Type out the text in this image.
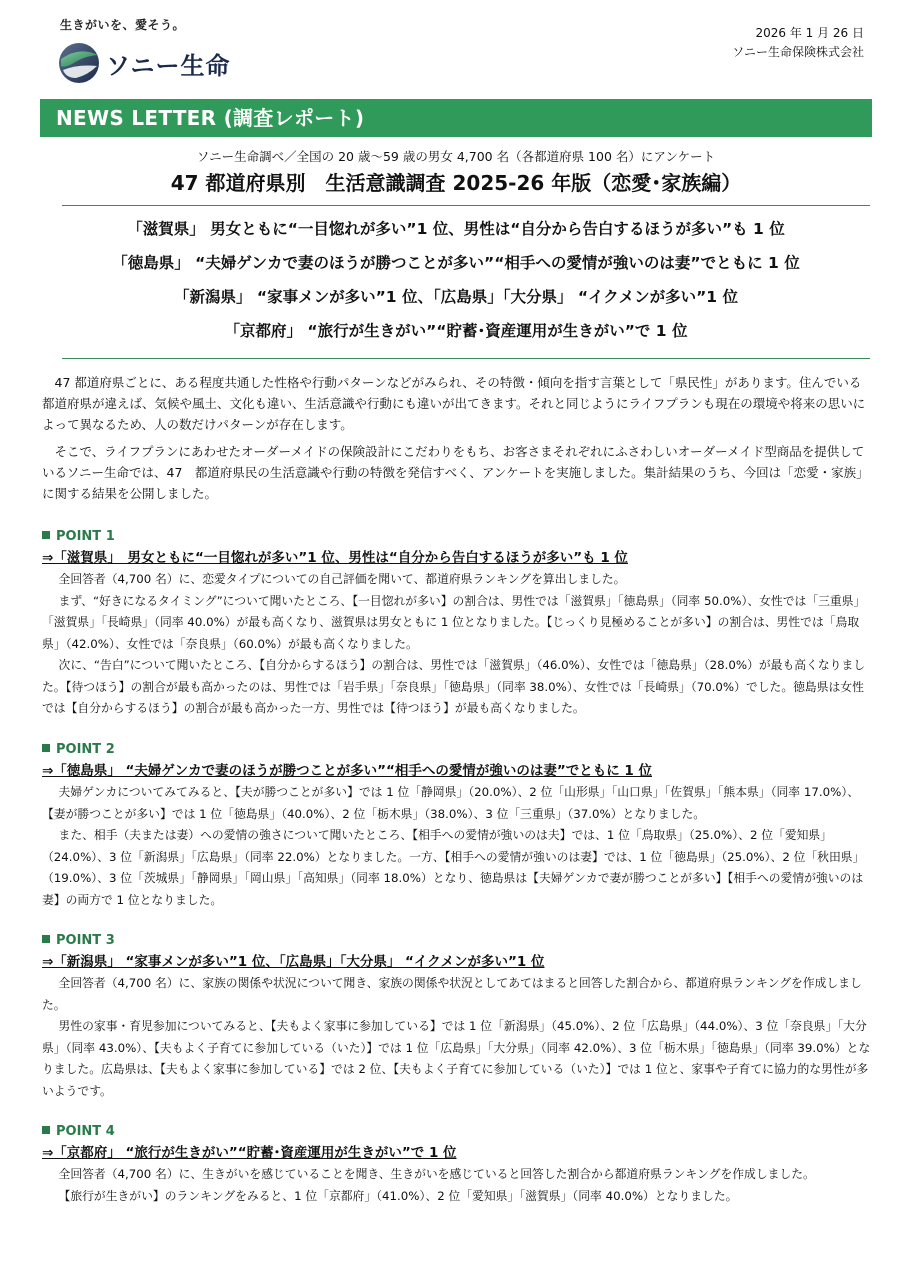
生きがいを、愛そう。
ソニー生命
2026 年 1 月 26 日
ソニー生命保険株式会社
NEWS LETTER (調査レポート)
ソニー生命調べ／全国の 20 歳～59 歳の男女 4,700 名（各都道府県 100 名）にアンケート
47 都道府県別　生活意識調査 2025-26 年版（恋愛･家族編）
「滋賀県」 男女ともに“一目惚れが多い”1 位、男性は“自分から告白するほうが多い”も 1 位
「徳島県」 “夫婦ゲンカで妻のほうが勝つことが多い”“相手への愛情が強いのは妻”でともに 1 位
「新潟県」 “家事メンが多い”1 位、「広島県」「大分県」 “イクメンが多い”1 位
「京都府」 “旅行が生きがい”“貯蓄･資産運用が生きがい”で 1 位

47 都道府県ごとに、ある程度共通した性格や行動パターンなどがみられ、その特徴・傾向を指す言葉として「県民性」があります。住んでいる都道府県が違えば、気候や風土、文化も違い、生活意識や行動にも違いが出てきます。それと同じようにライフプランも現在の環境や将来の思いによって異なるため、人の数だけパターンが存在します。

そこで、ライフプランにあわせたオーダーメイドの保険設計にこだわりをもち、お客さまそれぞれにふさわしいオーダーメイド型商品を提供しているソニー生命では、47　都道府県民の生活意識や行動の特徴を発信すべく、アンケートを実施しました。集計結果のうち、今回は「恋愛・家族」に関する結果を公開しました。

POINT 1
⇒「滋賀県」　男女ともに“一目惚れが多い”1 位、男性は“自分から告白するほうが多い”も 1 位

全回答者（4,700 名）に、恋愛タイプについての自己評価を聞いて、都道府県ランキングを算出しました。

まず、“好きになるタイミング”について聞いたところ、【一目惚れが多い】の割合は、男性では「滋賀県」「徳島県」（同率 50.0%）、女性では「三重県」「滋賀県」「長崎県」（同率 40.0%）が最も高くなり、滋賀県は男女ともに 1 位となりました。【じっくり見極めることが多い】の割合は、男性では「鳥取県」（42.0%）、女性では「奈良県」（60.0%）が最も高くなりました。

次に、“告白”について聞いたところ、【自分からするほう】の割合は、男性では「滋賀県」（46.0%）、女性では「徳島県」（28.0%）が最も高くなりました。【待つほう】の割合が最も高かったのは、男性では「岩手県」「奈良県」「徳島県」（同率 38.0%）、女性では「長崎県」（70.0%）でした。徳島県は女性では【自分からするほう】の割合が最も高かった一方、男性では【待つほう】が最も高くなりました。

POINT 2
⇒「徳島県」 “夫婦ゲンカで妻のほうが勝つことが多い”“相手への愛情が強いのは妻”でともに 1 位

夫婦ゲンカについてみてみると、【夫が勝つことが多い】では 1 位「静岡県」（20.0%）、2 位「山形県」「山口県」「佐賀県」「熊本県」（同率 17.0%）、【妻が勝つことが多い】では 1 位「徳島県」（40.0%）、2 位「栃木県」（38.0%）、3 位「三重県」（37.0%）となりました。

また、相手（夫または妻）への愛情の強さについて聞いたところ、【相手への愛情が強いのは夫】では、1 位「鳥取県」（25.0%）、2 位「愛知県」（24.0%）、3 位「新潟県」「広島県」（同率 22.0%）となりました。一方、【相手への愛情が強いのは妻】では、1 位「徳島県」（25.0%）、2 位「秋田県」（19.0%）、3 位「茨城県」「静岡県」「岡山県」「高知県」（同率 18.0%）となり、徳島県は【夫婦ゲンカで妻が勝つことが多い】【相手への愛情が強いのは妻】の両方で 1 位となりました。

POINT 3
⇒「新潟県」 “家事メンが多い”1 位、「広島県」「大分県」 “イクメンが多い”1 位

全回答者（4,700 名）に、家族の関係や状況について聞き、家族の関係や状況としてあてはまると回答した割合から、都道府県ランキングを作成しました。

男性の家事・育児参加についてみると、【夫もよく家事に参加している】では 1 位「新潟県」（45.0%）、2 位「広島県」（44.0%）、3 位「奈良県」「大分県」（同率 43.0%）、【夫もよく子育てに参加している（いた）】では 1 位「広島県」「大分県」（同率 42.0%）、3 位「栃木県」「徳島県」（同率 39.0%）となりました。広島県は、【夫もよく家事に参加している】では 2 位、【夫もよく子育てに参加している（いた）】では 1 位と、家事や子育てに協力的な男性が多いようです。

POINT 4
⇒「京都府」 “旅行が生きがい”“貯蓄･資産運用が生きがい”で 1 位

全回答者（4,700 名）に、生きがいを感じていることを聞き、生きがいを感じていると回答した割合から都道府県ランキングを作成しました。

【旅行が生きがい】のランキングをみると、1 位「京都府」（41.0%）、2 位「愛知県」「滋賀県」（同率 40.0%）となりました。
